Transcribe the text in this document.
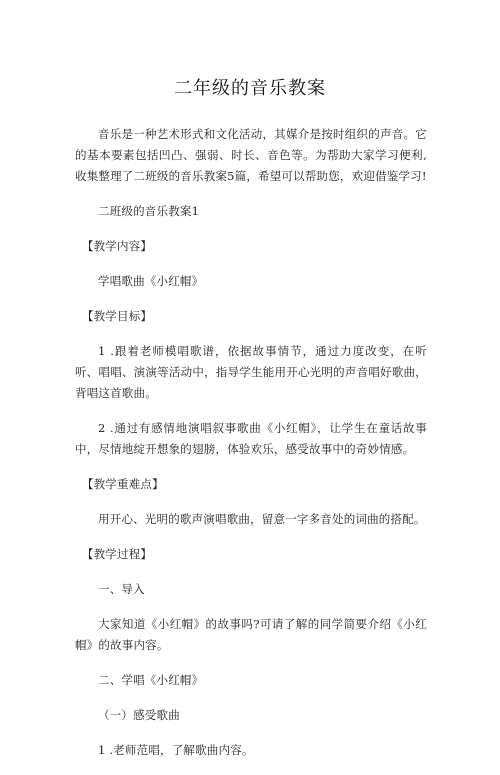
二年级的音乐教案

音乐是一种艺术形式和文化活动，其媒介是按时组织的声音。它的基本要素包括凹凸、强弱、时长、音色等。为帮助大家学习便利,收集整理了二班级的音乐教案5篇，希望可以帮助您，欢迎借鉴学习!

二班级的音乐教案1

【教学内容】

学唱歌曲《小红帽》

【教学目标】

1 .跟着老师模唱歌谱，依据故事情节，通过力度改变，在听听、唱唱、演演等活动中，指导学生能用开心光明的声音唱好歌曲，背唱这首歌曲。

2 .通过有感情地演唱叙事歌曲《小红帽》，让学生在童话故事中，尽情地绽开想象的翅膀，体验欢乐，感受故事中的奇妙情感。

【教学重难点】

用开心、光明的歌声演唱歌曲，留意一字多音处的词曲的搭配。

【教学过程】

一、导入

大家知道《小红帽》的故事吗?可请了解的同学简要介绍《小红帽》的故事内容。

二、学唱《小红帽》

（一）感受歌曲

1 .老师范唱，了解歌曲内容。
